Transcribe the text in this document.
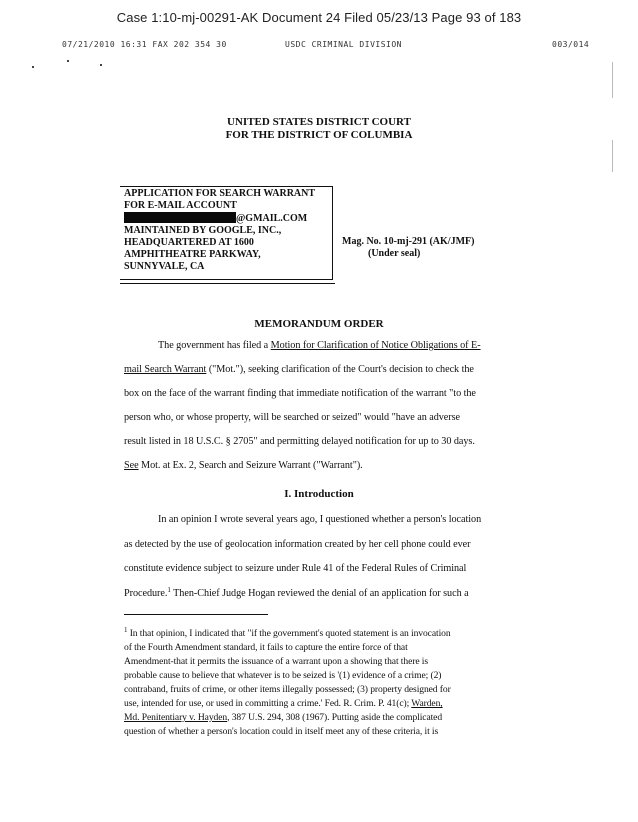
Case 1:10-mj-00291-AK Document 24 Filed 05/23/13 Page 93 of 183
07/21/2010 16:31 FAX 202 354 30	USDC CRIMINAL DIVISION	003/014
UNITED STATES DISTRICT COURT
FOR THE DISTRICT OF COLUMBIA
APPLICATION FOR SEARCH WARRANT
FOR E-MAIL ACCOUNT
@GMAIL.COM
MAINTAINED BY GOOGLE, INC.,
HEADQUARTERED AT 1600
AMPHITHEATRE PARKWAY,
SUNNYVALE, CA
Mag. No. 10-mj-291 (AK/JMF)
(Under seal)
MEMORANDUM ORDER
The government has filed a Motion for Clarification of Notice Obligations of E-
mail Search Warrant ("Mot."), seeking clarification of the Court's decision to check the
box on the face of the warrant finding that immediate notification of the warrant "to the
person who, or whose property, will be searched or seized" would "have an adverse
result listed in 18 U.S.C. § 2705" and permitting delayed notification for up to 30 days.
See Mot. at Ex. 2, Search and Seizure Warrant ("Warrant").
I. Introduction
In an opinion I wrote several years ago, I questioned whether a person's location
as detected by the use of geolocation information created by her cell phone could ever
constitute evidence subject to seizure under Rule 41 of the Federal Rules of Criminal
Procedure.$^1$ Then-Chief Judge Hogan reviewed the denial of an application for such a
$^1$ In that opinion, I indicated that "if the government's quoted statement is an invocation
of the Fourth Amendment standard, it fails to capture the entire force of that
Amendment-that it permits the issuance of a warrant upon a showing that there is
probable cause to believe that whatever is to be seized is '(1) evidence of a crime; (2)
contraband, fruits of crime, or other items illegally possessed; (3) property designed for
use, intended for use, or used in committing a crime.' Fed. R. Crim. P. 41(c); Warden,
Md. Penitentiary v. Hayden, 387 U.S. 294, 308 (1967). Putting aside the complicated
question of whether a person's location could in itself meet any of these criteria, it is
